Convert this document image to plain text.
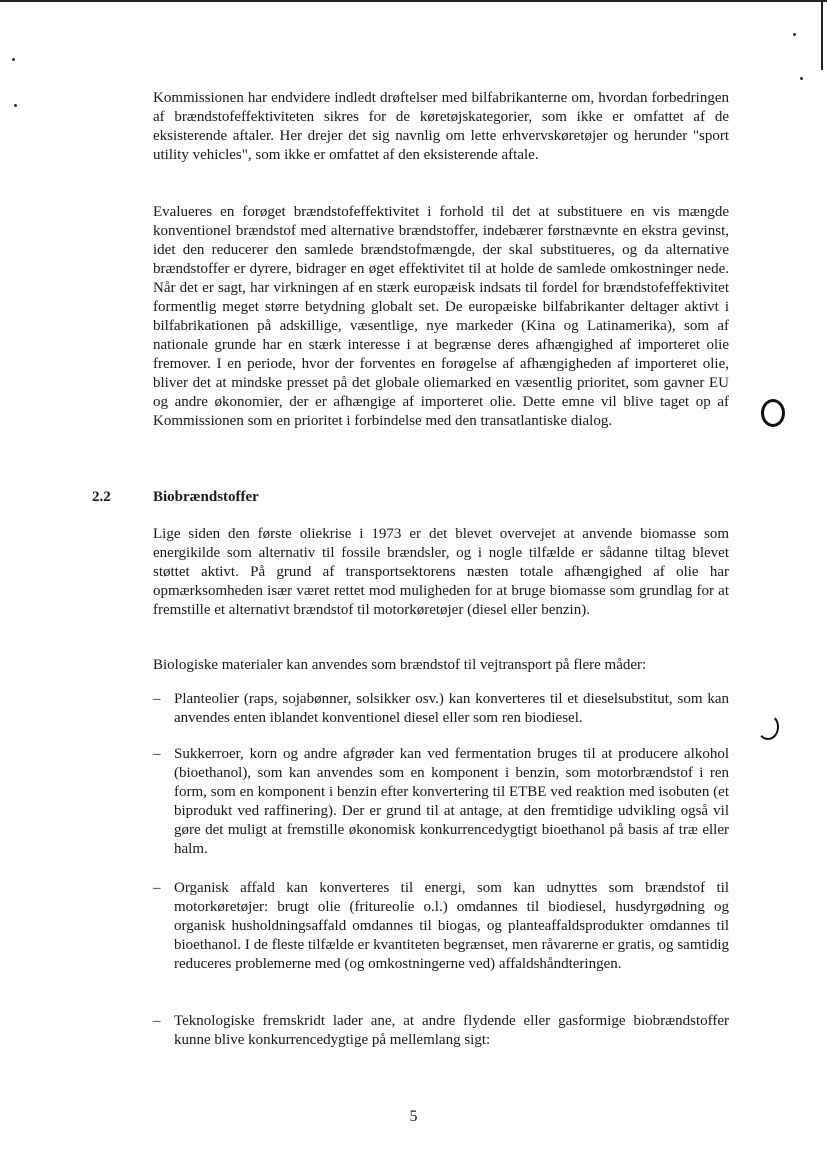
Kommissionen har endvidere indledt drøftelser med bilfabrikanterne om, hvordan forbedringen af brændstofeffektiviteten sikres for de køretøjskategorier, som ikke er omfattet af de eksisterende aftaler. Her drejer det sig navnlig om lette erhvervskøretøjer og herunder "sport utility vehicles", som ikke er omfattet af den eksisterende aftale.

Evalueres en forøget brændstofeffektivitet i forhold til det at substituere en vis mængde konventionel brændstof med alternative brændstoffer, indebærer førstnævnte en ekstra gevinst, idet den reducerer den samlede brændstofmængde, der skal substitueres, og da alternative brændstoffer er dyrere, bidrager en øget effektivitet til at holde de samlede omkostninger nede. Når det er sagt, har virkningen af en stærk europæisk indsats til fordel for brændstofeffektivitet formentlig meget større betydning globalt set. De europæiske bilfabrikanter deltager aktivt i bilfabrikationen på adskillige, væsentlige, nye markeder (Kina og Latinamerika), som af nationale grunde har en stærk interesse i at begrænse deres afhængighed af importeret olie fremover. I en periode, hvor der forventes en forøgelse af afhængigheden af importeret olie, bliver det at mindske presset på det globale oliemarked en væsentlig prioritet, som gavner EU og andre økonomier, der er afhængige af importeret olie. Dette emne vil blive taget op af Kommissionen som en prioritet i forbindelse med den transatlantiske dialog.

2.2	Biobrændstoffer

Lige siden den første oliekrise i 1973 er det blevet overvejet at anvende biomasse som energikilde som alternativ til fossile brændsler, og i nogle tilfælde er sådanne tiltag blevet støttet aktivt. På grund af transportsektorens næsten totale afhængighed af olie har opmærksomheden især været rettet mod muligheden for at bruge biomasse som grundlag for at fremstille et alternativt brændstof til motorkøretøjer (diesel eller benzin).

Biologiske materialer kan anvendes som brændstof til vejtransport på flere måder:

– Planteolier (raps, sojabønner, solsikker osv.) kan konverteres til et dieselsubstitut, som kan anvendes enten iblandet konventionel diesel eller som ren biodiesel.

– Sukkerroer, korn og andre afgrøder kan ved fermentation bruges til at producere alkohol (bioethanol), som kan anvendes som en komponent i benzin, som motorbrændstof i ren form, som en komponent i benzin efter konvertering til ETBE ved reaktion med isobuten (et biprodukt ved raffinering). Der er grund til at antage, at den fremtidige udvikling også vil gøre det muligt at fremstille økonomisk konkurrencedygtigt bioethanol på basis af træ eller halm.

– Organisk affald kan konverteres til energi, som kan udnyttes som brændstof til motorkøretøjer: brugt olie (fritureolie o.l.) omdannes til biodiesel, husdyrgødning og organisk husholdningsaffald omdannes til biogas, og planteaffaldsprodukter omdannes til bioethanol. I de fleste tilfælde er kvantiteten begrænset, men råvarerne er gratis, og samtidig reduceres problemerne med (og omkostningerne ved) affaldshåndteringen.

– Teknologiske fremskridt lader ane, at andre flydende eller gasformige biobrændstoffer kunne blive konkurrencedygtige på mellemlang sigt:

5
